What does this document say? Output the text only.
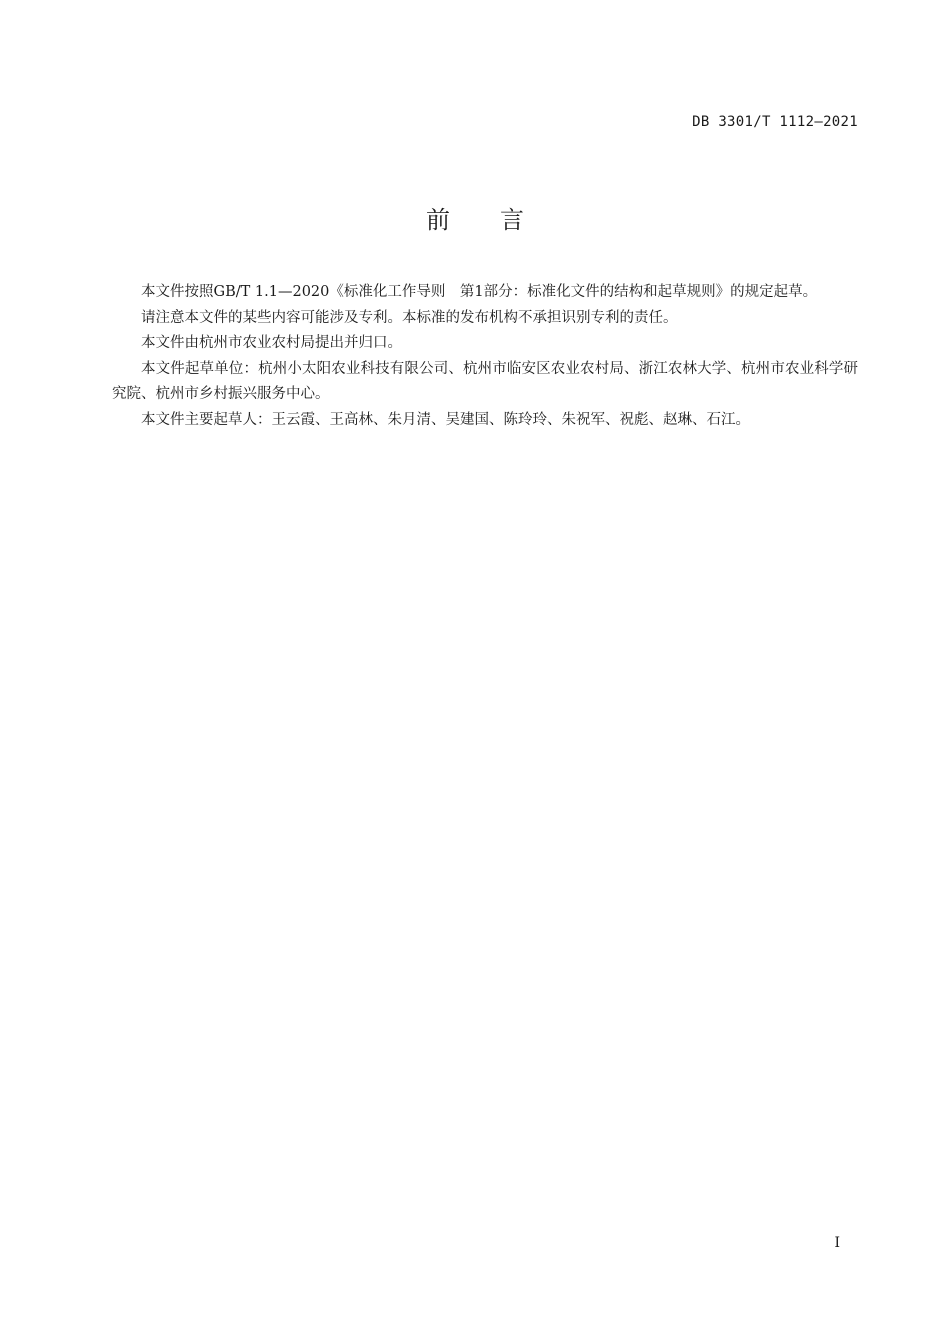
DB 3301/T 1112—2021
前言

本文件按照GB/T 1.1—2020《标准化工作导则　第1部分：标准化文件的结构和起草规则》的规定起草。

请注意本文件的某些内容可能涉及专利。本标准的发布机构不承担识别专利的责任。

本文件由杭州市农业农村局提出并归口。

本文件起草单位：杭州小太阳农业科技有限公司、杭州市临安区农业农村局、浙江农林大学、杭州市农业科学研究院、杭州市乡村振兴服务中心。

本文件主要起草人：王云霞、王高林、朱月清、吴建国、陈玲玲、朱祝军、祝彪、赵琳、石江。

I
